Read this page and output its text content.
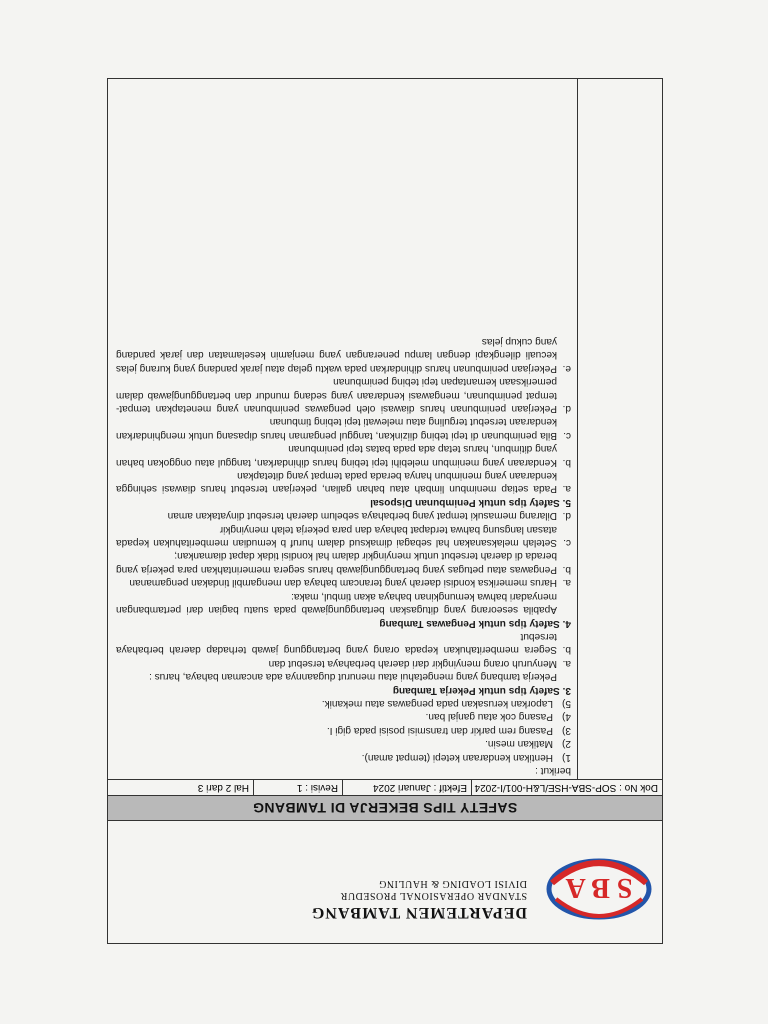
S B A
DEPARTEMEN TAMBANG
STANDAR OPERASIONAL PROSEDUR
DIVISI LOADING & HAULING
SAFETY TIPS BEKERJA DI TAMBANG
Dok No : SOP-SBA-HSE/L&H-001/I-2024
Efektif : Januari 2024
Revisi : 1
Hal 2 dari 3
berikut :
1)
Hentikan kendaraan ketepi (tempat aman).
2)
Matikan mesin.
3)
Pasang rem parkir dan transmisi posisi pada gigi I.
4)
Pasang cok atau ganjal ban.
5)
Laporkan kerusakan pada pengawas atau mekanik.
3. Safety tips untuk Pekerja Tambang
Pekerja tambang yang mengetahui atau menurut dugaannya ada ancaman bahaya, harus :
a.
Menyuruh orang menyingkir dari daerah berbahaya tersebut dan
b.
Segera memberitahukan kepada orang yang bertanggung jawab terhadap daerah berbahaya tersebut
4. Safety tips untuk Pengawas Tambang
Apabila seseorang yang ditugaskan bertanggungjawab pada suatu bagian dari pertambangan menyadari bahwa kemungkinan bahaya akan timbul, maka:
a.
Harus memeriksa kondisi daerah yang terancam bahaya dan mengambil tindakan pengamanan
b.
Pengawas atau petugas yang bertanggungjawab harus segera memerintahkan para pekerja yang berada di daerah tersebut untuk menyingkir dalam hal kondisi tidak dapat diamankan;
c.
Setelah melaksanakan hal sebagai dimaksud dalam huruf b kemudian memberitahukan kepada atasan langsung bahwa terdapat bahaya dan para pekerja telah menyingkir
d.
Dilarang memasuki tempat yang berbahaya sebelum daerah tersebut dinyatakan aman
5. Safety tips untuk Penimbunan Disposal
a.
Pada setiap menimbun limbah atau bahan galian, pekerjaan tersebut harus diawasi sehingga kendaraan yang menimbun hanya berada pada tempat yang ditetapkan
b.
Kendaraan yang menimbun melebihi tepi tebing harus dihindarkan, tanggul atau onggokan bahan yang ditimbun, harus tetap ada pada batas tepi penimbunan
c.
Bila penimbunan di tepi tebing diizinkan, tanggul pengaman harus dipasang untuk menghindarkan kendaraan tersebut terguling atau melewati tepi tebing timbunan
d.
Pekerjaan penimbunan harus diawasi oleh pengawas penimbunan yang menetapkan tempat-tempat penimbunan, mengawasi kendaraan yang sedang mundur dan bertanggungjawab dalam pemeriksaan kemantapan tepi tebing penimbunan
e.
Pekerjaan penimbunan harus dihindarkan pada waktu gelap atau jarak pandang yang kurang jelas kecuali dilengkapi dengan lampu penerangan yang menjamin keselamatan dan jarak pandang yang cukup jelas
